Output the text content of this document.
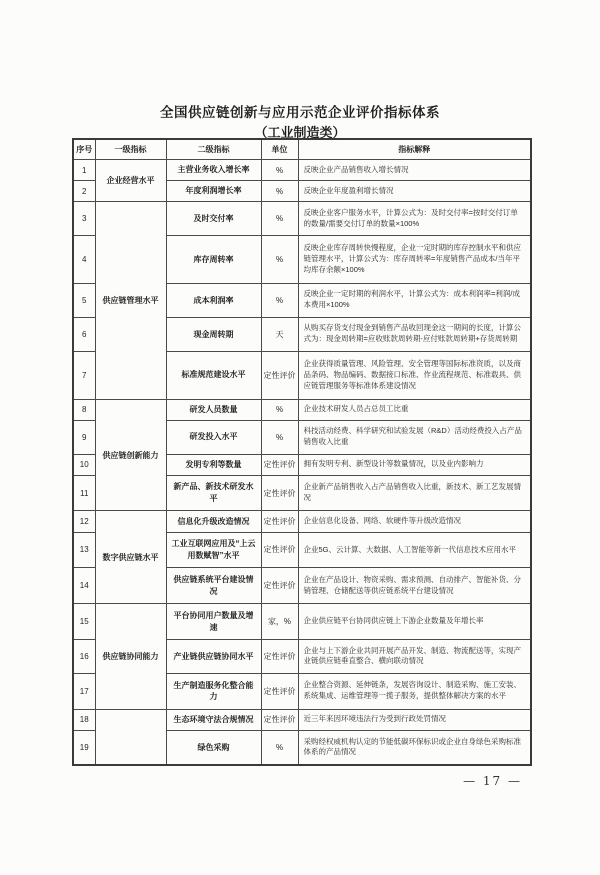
全国供应链创新与应用示范企业评价指标体系
（工业制造类）
序号	一级指标	二级指标	单位	指标解释
1	企业经营水平	主营业务收入增长率	%	反映企业产品销售收入增长情况
2		年度利润增长率	%	反映企业年度盈利增长情况
3	供应链管理水平	及时交付率	%	反映企业客户服务水平，计算公式为：及时交付率=按时交付订单的数量/需要交付订单的数量×100%
4		库存周转率	%	反映企业库存周转快慢程度，企业一定时期的库存控制水平和供应链管理水平，计算公式为：库存周转率=年度销售产品成本/当年平均库存余额×100%
5		成本利润率	%	反映企业一定时期的利润水平，计算公式为：成本利润率=利润/成本费用×100%
6		现金周转期	天	从购买存货支付现金到销售产品收回现金这一期间的长度，计算公式为：现金周转期=应收账款周转期-应付账款周转期+存货周转期
7		标准规范建设水平	定性评价	企业获得质量管理、风险管理、安全管理等国际标准资质，以及商品条码、物品编码、数据接口标准、作业流程规范、标准载具、供应链管理服务等标准体系建设情况
8	供应链创新能力	研发人员数量	%	企业技术研发人员占总员工比重
9		研发投入水平	%	科技活动经费、科学研究和试验发展（R&D）活动经费投入占产品销售收入比重
10		发明专利等数量	定性评价	拥有发明专利、新型设计等数量情况，以及业内影响力
11		新产品、新技术研发水平	定性评价	企业新产品销售收入占产品销售收入比重，新技术、新工艺发展情况
12	数字供应链水平	信息化升级改造情况	定性评价	企业信息化设备、网络、软硬件等升级改造情况
13		工业互联网应用及“上云用数赋智”水平	定性评价	企业5G、云计算、大数据、人工智能等新一代信息技术应用水平
14		供应链系统平台建设情况	定性评价	企业在产品设计、物资采购、需求预测、自动排产、智能补货、分销管理、仓储配送等供应链系统平台建设情况
15	供应链协同能力	平台协同用户数量及增速	家，%	企业供应链平台协同供应链上下游企业数量及年增长率
16		产业链供应链协同水平	定性评价	企业与上下游企业共同开展产品开发、制造、物流配送等，实现产业链供应链垂直整合、横向联动情况
17		生产制造服务化整合能力	定性评价	企业整合资源、延伸链条，发展咨询设计、制造采购、施工安装、系统集成、运维管理等一揽子服务，提供整体解决方案的水平
18		生态环境守法合规情况	定性评价	近三年来因环境违法行为受到行政处罚情况
19		绿色采购	%	采购经权威机构认定的节能低碳环保标识或企业自身绿色采购标准体系的产品情况
— 17 —
